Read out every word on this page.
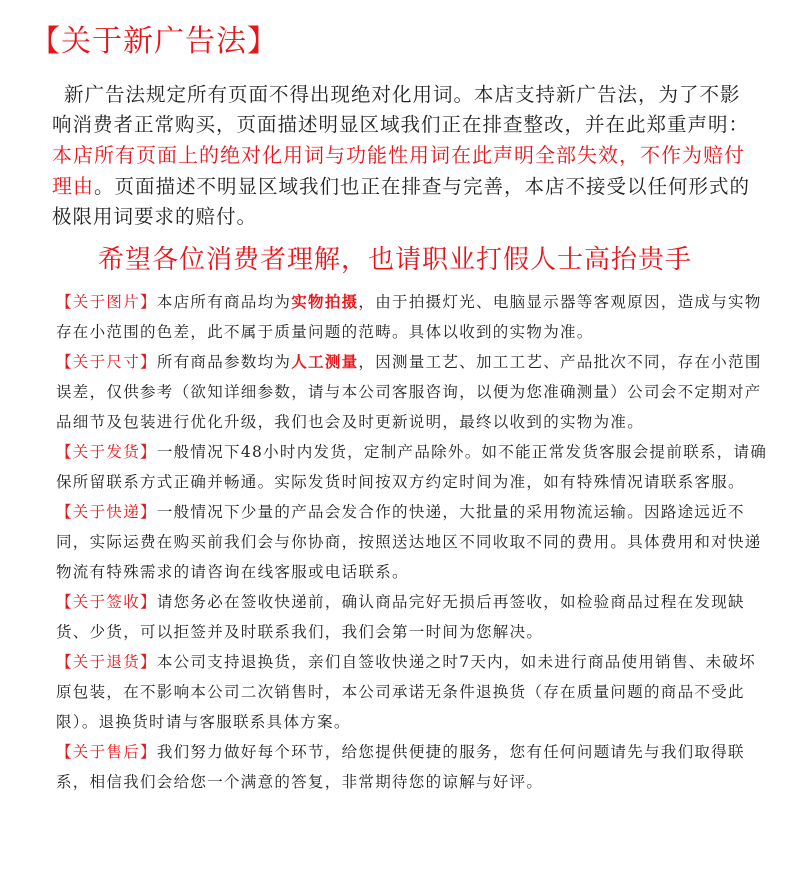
【关于新广告法】
新广告法规定所有页面不得出现绝对化用词。本店支持新广告法，为了不影响消费者正常购买，页面描述明显区域我们正在排查整改，并在此郑重声明：本店所有页面上的绝对化用词与功能性用词在此声明全部失效，不作为赔付理由。页面描述不明显区域我们也正在排查与完善，本店不接受以任何形式的极限用词要求的赔付。
希望各位消费者理解，也请职业打假人士高抬贵手

【关于图片】本店所有商品均为实物拍摄，由于拍摄灯光、电脑显示器等客观原因，造成与实物存在小范围的色差，此不属于质量问题的范畴。具体以收到的实物为准。

【关于尺寸】所有商品参数均为人工测量，因测量工艺、加工工艺、产品批次不同，存在小范围误差，仅供参考（欲知详细参数，请与本公司客服咨询，以便为您准确测量）公司会不定期对产品细节及包装进行优化升级，我们也会及时更新说明，最终以收到的实物为准。

【关于发货】一般情况下48小时内发货，定制产品除外。如不能正常发货客服会提前联系，请确保所留联系方式正确并畅通。实际发货时间按双方约定时间为准，如有特殊情况请联系客服。

【关于快递】一般情况下少量的产品会发合作的快递，大批量的采用物流运输。因路途远近不同，实际运费在购买前我们会与你协商，按照送达地区不同收取不同的费用。具体费用和对快递物流有特殊需求的请咨询在线客服或电话联系。

【关于签收】请您务必在签收快递前，确认商品完好无损后再签收，如检验商品过程在发现缺货、少货，可以拒签并及时联系我们，我们会第一时间为您解决。

【关于退货】本公司支持退换货，亲们自签收快递之时7天内，如未进行商品使用销售、未破坏原包装，在不影响本公司二次销售时，本公司承诺无条件退换货（存在质量问题的商品不受此限）。退换货时请与客服联系具体方案。

【关于售后】我们努力做好每个环节，给您提供便捷的服务，您有任何问题请先与我们取得联系，相信我们会给您一个满意的答复，非常期待您的谅解与好评。
